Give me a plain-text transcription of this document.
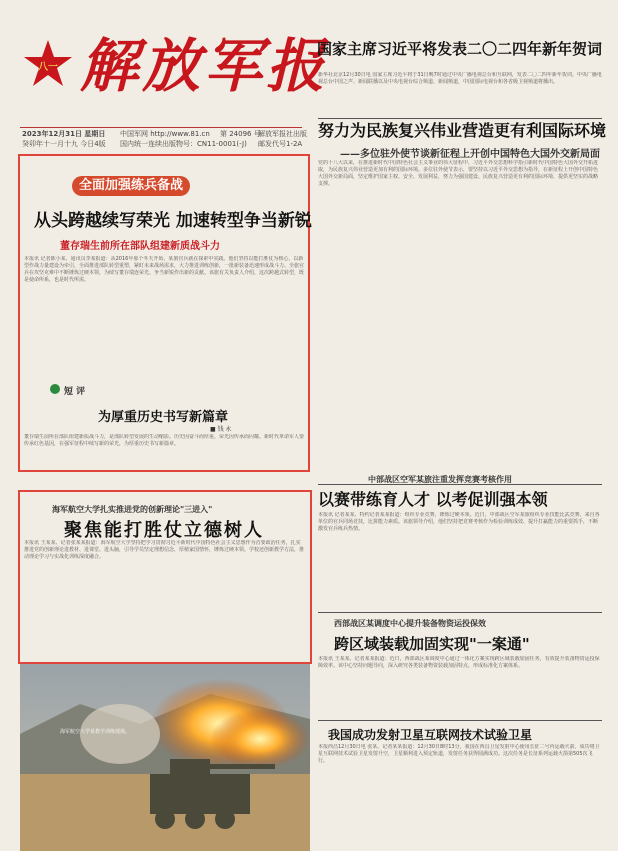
八一 解放军报
2023年12月31日 星期日
癸卯年十一月十九 今日4版
中国军网 http://www.81.cn
国内统一连续出版物号：CN11-0001(-J)
第 24096 号
解放军报社出版
邮发代号1-2A
国家主席习近平将发表二〇二四年新年贺词
新华社北京12月30日电 国家主席习近平将于31日晚7时通过中央广播电视总台和互联网，发表二〇二四年新年贺词。中央广播电视总台中国之声、新闻联播以及中央电视台综合频道、新闻频道，中国国际电视台和各省级卫视频道将播出。
努力为民族复兴伟业营造更有利国际环境
——多位驻外使节谈新征程上开创中国特色大国外交新局面
党的十八大以来，在推进新时代中国特色社会主义事业的伟大征程中，习近平外交思想科学指引新时代中国特色大国外交开拓进取，为民族复兴伟业营造更加有利的国际环境。多位驻外使节表示，要坚持以习近平外交思想为指导，在新征程上开创中国特色大国外交新局面，坚定维护国家主权、安全、发展利益，努力为强国建设、民族复兴营造更有利的国际环境、提供更坚实的战略支撑。
全面加强练兵备战
从头跨越续写荣光 加速转型争当新锐
董存瑞生前所在部队组建新质战斗力
本报讯 记者陈小某、通讯员李某报道：从2016年那个冬天开始，某旅官兵就在探索中实践。他们坚持以能打胜仗为核心，以新型作战力量建设为牵引，全面推进部队转型重塑，紧盯未来战场需求，大力推进训练创新，一批新装备迅速形成战斗力。全旅官兵在攻坚克难中不断锤炼过硬本领，为续写董存瑞连荣光、争当新锐作出新的贡献。该旅有关负责人介绍，这次跨越式转型，既是使命所系，也是时代所需。
短 评
为厚重历史书写新篇章
■ 钱 永
董存瑞生前所在部队组建新质战斗力，是部队转型发展的生动缩影。历史因奋斗而厚重，荣光因传承而闪耀。新时代革命军人要传承红色基因，在强军征程中续写新的荣光，为厚重历史书写新篇章。
海军航空大学扎实推进党的创新理论"三进入"
聚焦能打胜仗立德树人
本报讯 王某某、记者张某某报道：海军航空大学坚持把学习贯彻习近平新时代中国特色社会主义思想作为首要政治任务，扎实推进党的创新理论进教材、进课堂、进头脑，引导学员坚定理想信念，厚植家国情怀，锤炼过硬本领。学校还创新教学方法，推动理论学习与实战化训练深度融合。
海军航空大学某教学训练现场。
中部战区空军某旅注重发挥竞赛考核作用
以赛带练育人才 以考促训强本领
本报讯 记者某某、特约记者某某报道：组织专业竞赛，锤炼过硬本领。近日，中部战区空军某旅组织专业技能比武竞赛，来自各单位的官兵同场竞技，比拼能力素质。该旅领导介绍，他们坚持把竞赛考核作为检验训练成效、提升打赢能力的重要抓手，不断激发官兵练兵热情。
西部战区某调度中心提升装备物资运投保效
跨区域装载加固实现"一案通"
本报讯 王某某、记者某某报道：近日，西部战区某调度中心通过一体化方案实现跨区域装载加固任务，有效提升装备物资运投保障效率。该中心坚持问题导向，深入研究各类装备物资装载加固特点，形成标准化方案体系。
我国成功发射卫星互联网技术试验卫星
本报西昌12月30日电 张某、记者某某报道：12月30日8时13分，我国在西昌卫星发射中心使用长征二号丙运载火箭，成功将卫星互联网技术试验卫星发射升空，卫星顺利进入预定轨道，发射任务获得圆满成功。这次任务是长征系列运载火箭第505次飞行。
